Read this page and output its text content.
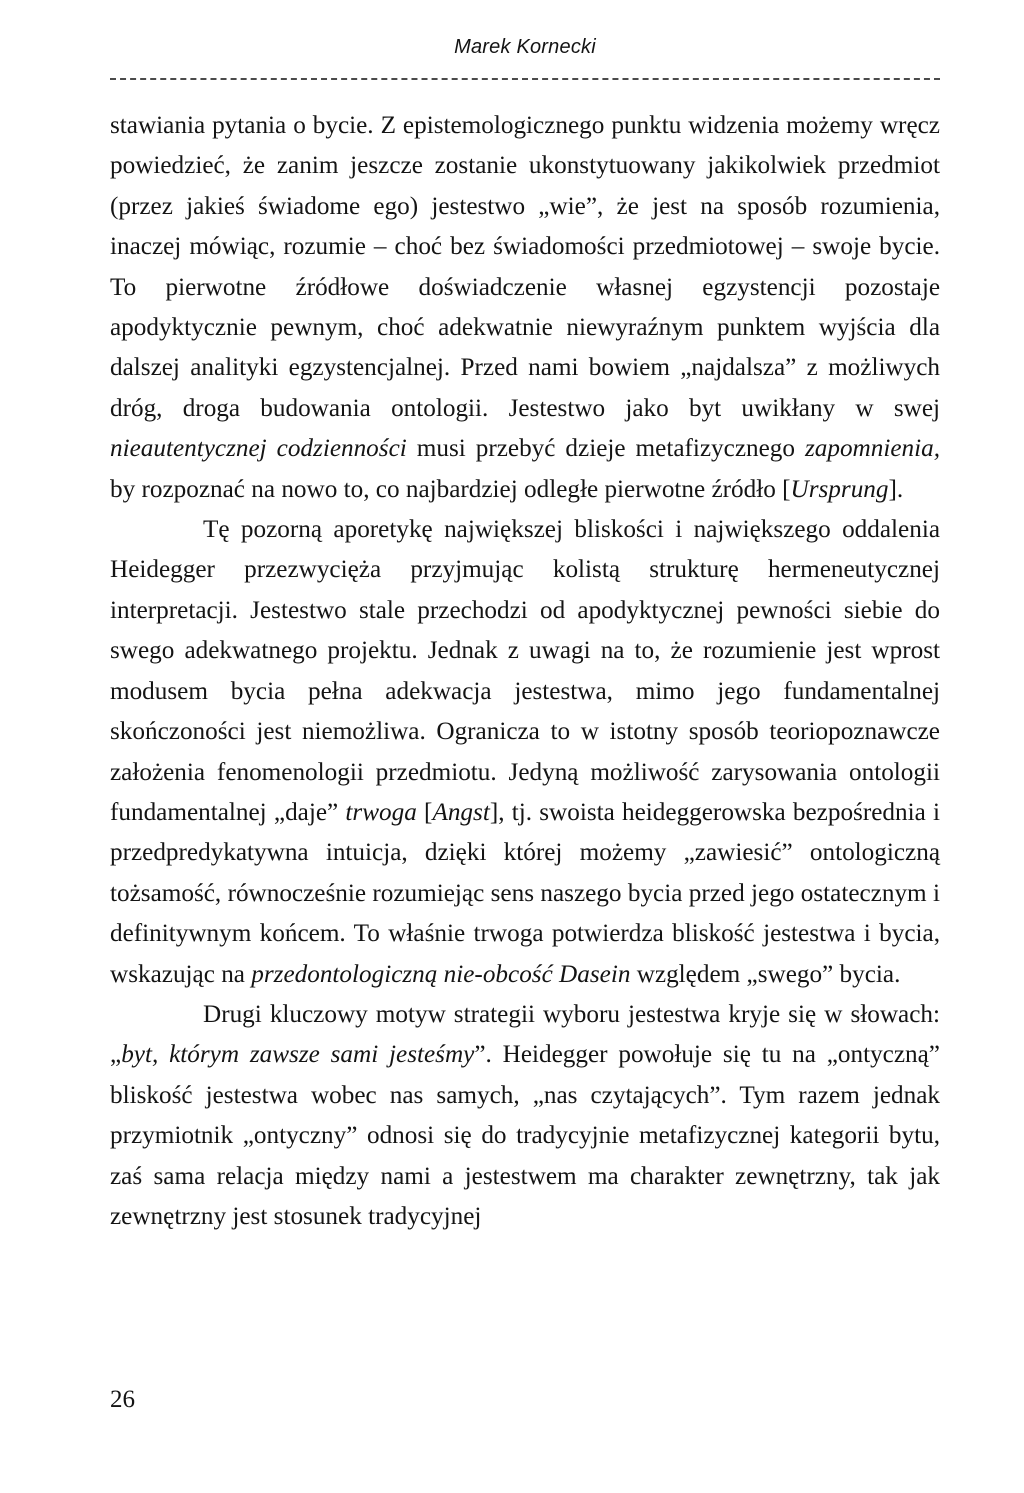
Marek Kornecki

stawiania pytania o bycie. Z epistemologicznego punktu widzenia możemy wręcz powiedzieć, że zanim jeszcze zostanie ukonstytuowany jakikolwiek przedmiot (przez jakieś świadome ego) jestestwo „wie”, że jest na sposób rozumienia, inaczej mówiąc, rozumie – choć bez świadomości przedmiotowej – swoje bycie. To pierwotne źródłowe doświadczenie własnej egzystencji pozostaje apodyktycznie pewnym, choć adekwatnie niewyraźnym punktem wyjścia dla dalszej analityki egzystencjalnej. Przed nami bowiem „najdalsza” z możliwych dróg, droga budowania ontologii. Jestestwo jako byt uwikłany w swej nieautentycznej codzienności musi przebyć dzieje metafizycznego zapomnienia, by rozpoznać na nowo to, co najbardziej odległe pierwotne źródło [Ursprung].

Tę pozorną aporetykę największej bliskości i największego oddalenia Heidegger przezwycięża przyjmując kolistą strukturę hermeneutycznej interpretacji. Jestestwo stale przechodzi od apodyktycznej pewności siebie do swego adekwatnego projektu. Jednak z uwagi na to, że rozumienie jest wprost modusem bycia pełna adekwacja jestestwa, mimo jego fundamentalnej skończoności jest niemożliwa. Ogranicza to w istotny sposób teoriopoznawcze założenia fenomenologii przedmiotu. Jedyną możliwość zarysowania ontologii fundamentalnej „daje” trwoga [Angst], tj. swoista heideggerowska bezpośrednia i przedpredykatywna intuicja, dzięki której możemy „zawiesić” ontologiczną tożsamość, równocześnie rozumiejąc sens naszego bycia przed jego ostatecznym i definitywnym końcem. To właśnie trwoga potwierdza bliskość jestestwa i bycia, wskazując na przedontologiczną nie-obcość Dasein względem „swego” bycia.

Drugi kluczowy motyw strategii wyboru jestestwa kryje się w słowach: „byt, którym zawsze sami jesteśmy”. Heidegger powołuje się tu na „ontyczną” bliskość jestestwa wobec nas samych, „nas czytających”. Tym razem jednak przymiotnik „ontyczny” odnosi się do tradycyjnie metafizycznej kategorii bytu, zaś sama relacja między nami a jestestwem ma charakter zewnętrzny, tak jak zewnętrzny jest stosunek tradycyjnej

26
